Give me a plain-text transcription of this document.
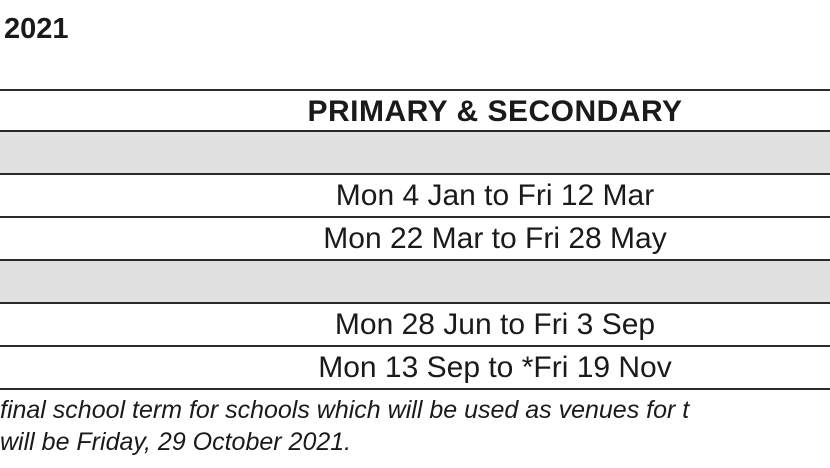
2021
PRIMARY & SECONDARY
Mon 4 Jan to Fri 12 Mar
Mon 22 Mar to Fri 28 May
Mon 28 Jun to Fri 3 Sep
Mon 13 Sep to *Fri 19 Nov
final school term for schools which will be used as venues for t
will be Friday, 29 October 2021.
